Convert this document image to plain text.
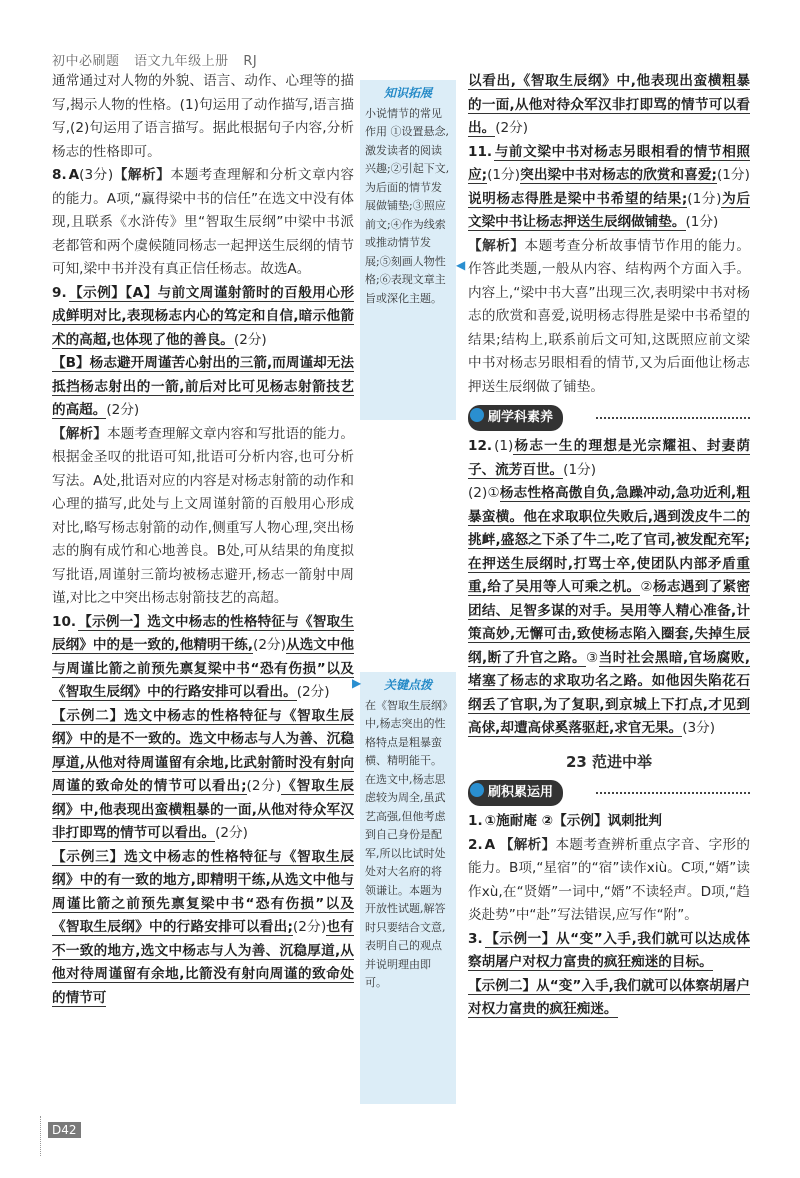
初中必刷题 语文九年级上册 RJ

通常通过对人物的外貌、语言、动作、心理等的描写,揭示人物的性格。(1)句运用了动作描写,语言描写,(2)句运用了语言描写。据此根据句子内容,分析杨志的性格即可。

8. A(3分)【解析】本题考查理解和分析文章内容的能力。A项,“赢得梁中书的信任”在选文中没有体现,且联系《水浒传》里“智取生辰纲”中梁中书派老都管和两个虞候随同杨志一起押送生辰纲的情节可知,梁中书并没有真正信任杨志。故选A。

9. 【示例】【A】与前文周谨射箭时的百般用心形成鲜明对比,表现杨志内心的笃定和自信,暗示他箭术的高超,也体现了他的善良。(2分)

【B】杨志避开周谨苦心射出的三箭,而周谨却无法抵挡杨志射出的一箭,前后对比可见杨志射箭技艺的高超。(2分)

【解析】本题考查理解文章内容和写批语的能力。根据金圣叹的批语可知,批语可分析内容,也可分析写法。A处,批语对应的内容是对杨志射箭的动作和心理的描写,此处与上文周谨射箭的百般用心形成对比,略写杨志射箭的动作,侧重写人物心理,突出杨志的胸有成竹和心地善良。B处,可从结果的角度拟写批语,周谨射三箭均被杨志避开,杨志一箭射中周谨,对比之中突出杨志射箭技艺的高超。

10. 【示例一】选文中杨志的性格特征与《智取生辰纲》中的是一致的,他精明干练,(2分)从选文中他与周谨比箭之前预先禀复梁中书“恐有伤损”以及《智取生辰纲》中的行路安排可以看出。(2分)

【示例二】选文中杨志的性格特征与《智取生辰纲》中的是不一致的。选文中杨志与人为善、沉稳厚道,从他对待周谨留有余地,比武射箭时没有射向周谨的致命处的情节可以看出;(2分)《智取生辰纲》中,他表现出蛮横粗暴的一面,从他对待众军汉非打即骂的情节可以看出。(2分)

【示例三】选文中杨志的性格特征与《智取生辰纲》中的有一致的地方,即精明干练,从选文中他与周谨比箭之前预先禀复梁中书“恐有伤损”以及《智取生辰纲》中的行路安排可以看出;(2分)也有不一致的地方,选文中杨志与人为善、沉稳厚道,从他对待周谨留有余地,比箭没有射向周谨的致命处的情节可

知识拓展
小说情节的常见作用 ①设置悬念,激发读者的阅读兴趣;②引起下文,为后面的情节发展做铺垫;③照应前文;④作为线索或推动情节发展;⑤刻画人物性格;⑥表现文章主旨或深化主题。
◀
关键点拨
在《智取生辰纲》中,杨志突出的性格特点是粗暴蛮横、精明能干。在选文中,杨志思虑较为周全,虽武艺高强,但他考虑到自己身份是配军,所以比试时处处对大名府的将领谦让。本题为开放性试题,解答时只要结合文意,表明自己的观点并说明理由即可。
▶

以看出,《智取生辰纲》中,他表现出蛮横粗暴的一面,从他对待众军汉非打即骂的情节可以看出。(2分)

11. 与前文梁中书对杨志另眼相看的情节相照应;(1分)突出梁中书对杨志的欣赏和喜爱;(1分)说明杨志得胜是梁中书希望的结果;(1分)为后文梁中书让杨志押送生辰纲做铺垫。(1分)

【解析】本题考查分析故事情节作用的能力。作答此类题,一般从内容、结构两个方面入手。内容上,“梁中书大喜”出现三次,表明梁中书对杨志的欣赏和喜爱,说明杨志得胜是梁中书希望的结果;结构上,联系前后文可知,这既照应前文梁中书对杨志另眼相看的情节,又为后面他让杨志押送生辰纲做了铺垫。

刷学科素养

12. (1)杨志一生的理想是光宗耀祖、封妻荫子、流芳百世。(1分)

(2)①杨志性格高傲自负,急躁冲动,急功近利,粗暴蛮横。他在求取职位失败后,遇到泼皮牛二的挑衅,盛怒之下杀了牛二,吃了官司,被发配充军;在押送生辰纲时,打骂士卒,使团队内部矛盾重重,给了吴用等人可乘之机。②杨志遇到了紧密团结、足智多谋的对手。吴用等人精心准备,计策高妙,无懈可击,致使杨志陷入圈套,失掉生辰纲,断了升官之路。③当时社会黑暗,官场腐败,堵塞了杨志的求取功名之路。如他因失陷花石纲丢了官职,为了复职,到京城上下打点,才见到高俅,却遭高俅奚落驱赶,求官无果。(3分)

23 范进中举
刷积累运用

1. ①施耐庵 ②【示例】讽刺批判

2. A 【解析】本题考查辨析重点字音、字形的能力。B项,“星宿”的“宿”读作xiù。C项,“婿”读作xù,在“贤婿”一词中,“婿”不读轻声。D项,“趋炎赴势”中“赴”写法错误,应写作“附”。

3. 【示例一】从“变”入手,我们就可以达成体察胡屠户对权力富贵的疯狂痴迷的目标。

【示例二】从“变”入手,我们就可以体察胡屠户对权力富贵的疯狂痴迷。

D42
